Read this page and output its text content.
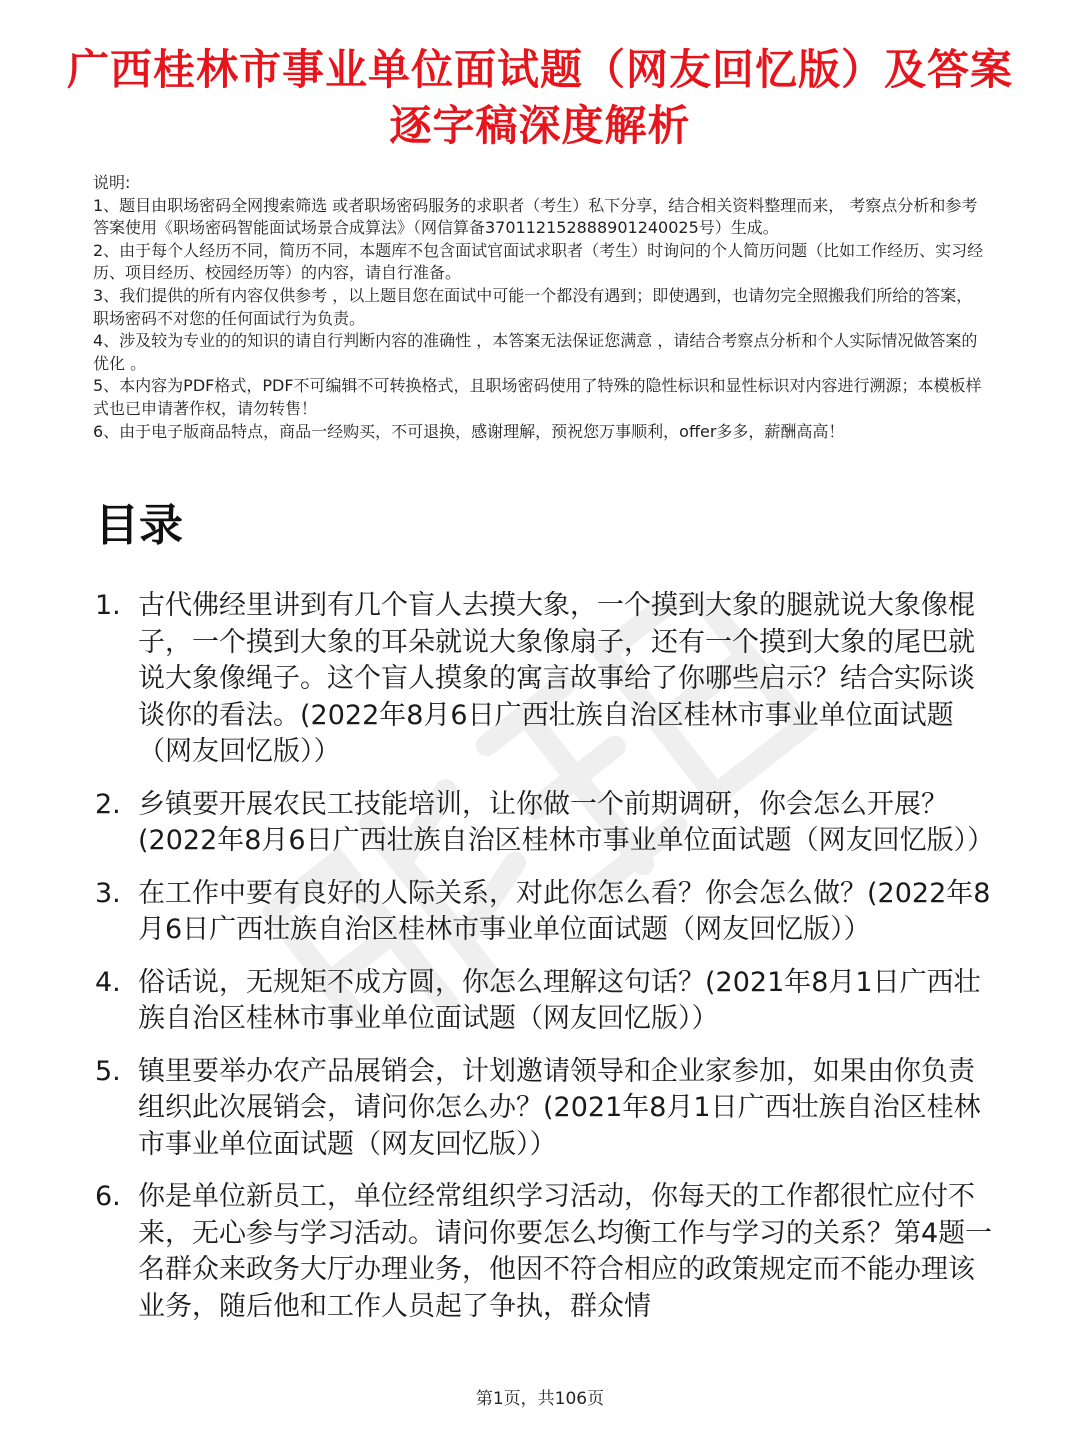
广西桂林市事业单位面试题（网友回忆版）及答案逐字稿深度解析

说明:

1、题目由职场密码全网搜索筛选 或者职场密码服务的求职者（考生）私下分享，结合相关资料整理而来， 考察点分析和参考答案使用《职场密码智能面试场景合成算法》（网信算备370112152888901240025号）生成。

2、由于每个人经历不同，简历不同，本题库不包含面试官面试求职者（考生）时询问的个人简历问题（比如工作经历、实习经历、项目经历、校园经历等）的内容，请自行准备。

3、我们提供的所有内容仅供参考 ，以上题目您在面试中可能一个都没有遇到；即使遇到，也请勿完全照搬我们所给的答案，职场密码不对您的任何面试行为负责。

4、涉及较为专业的的知识的请自行判断内容的准确性 ，本答案无法保证您满意 ，请结合考察点分析和个人实际情况做答案的优化 。

5、本内容为PDF格式，PDF不可编辑不可转换格式，且职场密码使用了特殊的隐性标识和显性标识对内容进行溯源；本模板样式也已申请著作权，请勿转售！

6、由于电子版商品特点，商品一经购买，不可退换，感谢理解，预祝您万事顺利，offer多多，薪酬高高！

目录
1. 古代佛经里讲到有几个盲人去摸大象，一个摸到大象的腿就说大象像棍子，一个摸到大象的耳朵就说大象像扇子，还有一个摸到大象的尾巴就说大象像绳子。这个盲人摸象的寓言故事给了你哪些启示？结合实际谈谈你的看法。(2022年8月6日广西壮族自治区桂林市事业单位面试题（网友回忆版））
2. 乡镇要开展农民工技能培训，让你做一个前期调研，你会怎么开展？(2022年8月6日广西壮族自治区桂林市事业单位面试题（网友回忆版））
3. 在工作中要有良好的人际关系，对此你怎么看？你会怎么做？(2022年8月6日广西壮族自治区桂林市事业单位面试题（网友回忆版））
4. 俗话说，无规矩不成方圆，你怎么理解这句话？(2021年8月1日广西壮族自治区桂林市事业单位面试题（网友回忆版））
5. 镇里要举办农产品展销会，计划邀请领导和企业家参加，如果由你负责组织此次展销会，请问你怎么办？(2021年8月1日广西壮族自治区桂林市事业单位面试题（网友回忆版））
6. 你是单位新员工，单位经常组织学习活动，你每天的工作都很忙应付不来，无心参与学习活动。请问你要怎么均衡工作与学习的关系？第4题一名群众来政务大厅办理业务，他因不符合相应的政策规定而不能办理该业务，随后他和工作人员起了争执，群众情
第1页，共106页
